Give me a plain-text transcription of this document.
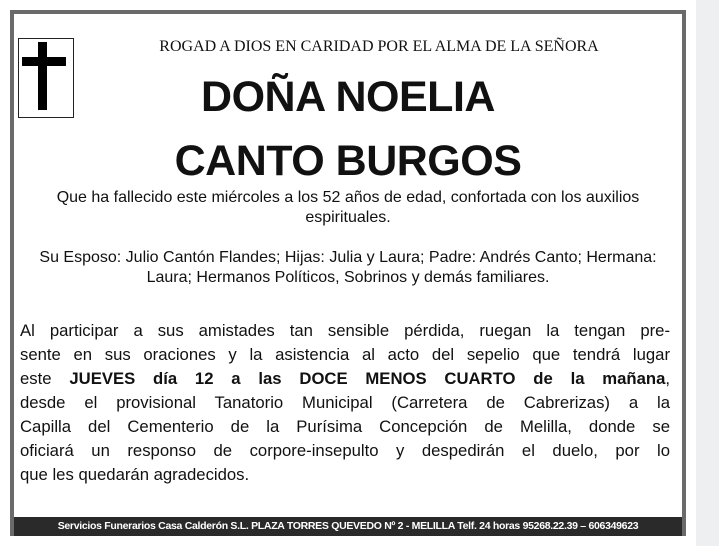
ROGAD A DIOS EN CARIDAD POR EL ALMA DE LA SEÑORA
DOÑA NOELIA
CANTO BURGOS
Que ha fallecido este miércoles a los 52 años de edad, confortada con los auxilios espirituales.
Su Esposo: Julio Cantón Flandes; Hijas: Julia y Laura; Padre: Andrés Canto; Hermana: Laura; Hermanos Políticos, Sobrinos y demás familiares.
Al participar a sus amistades tan sensible pérdida, ruegan la tengan pre-
sente en sus oraciones y la asistencia al acto del sepelio que tendrá lugar
este JUEVES día 12 a las DOCE MENOS CUARTO de la mañana,
desde el provisional Tanatorio Municipal (Carretera de Cabrerizas) a la
Capilla del Cementerio de la Purísima Concepción de Melilla, donde se
oficiará un responso de corpore-insepulto y despedirán el duelo, por lo
que les quedarán agradecidos.
Servicios Funerarios Casa Calderón S.L. PLAZA TORRES QUEVEDO Nº 2 - MELILLA Telf. 24 horas 95268.22.39 – 606349623
